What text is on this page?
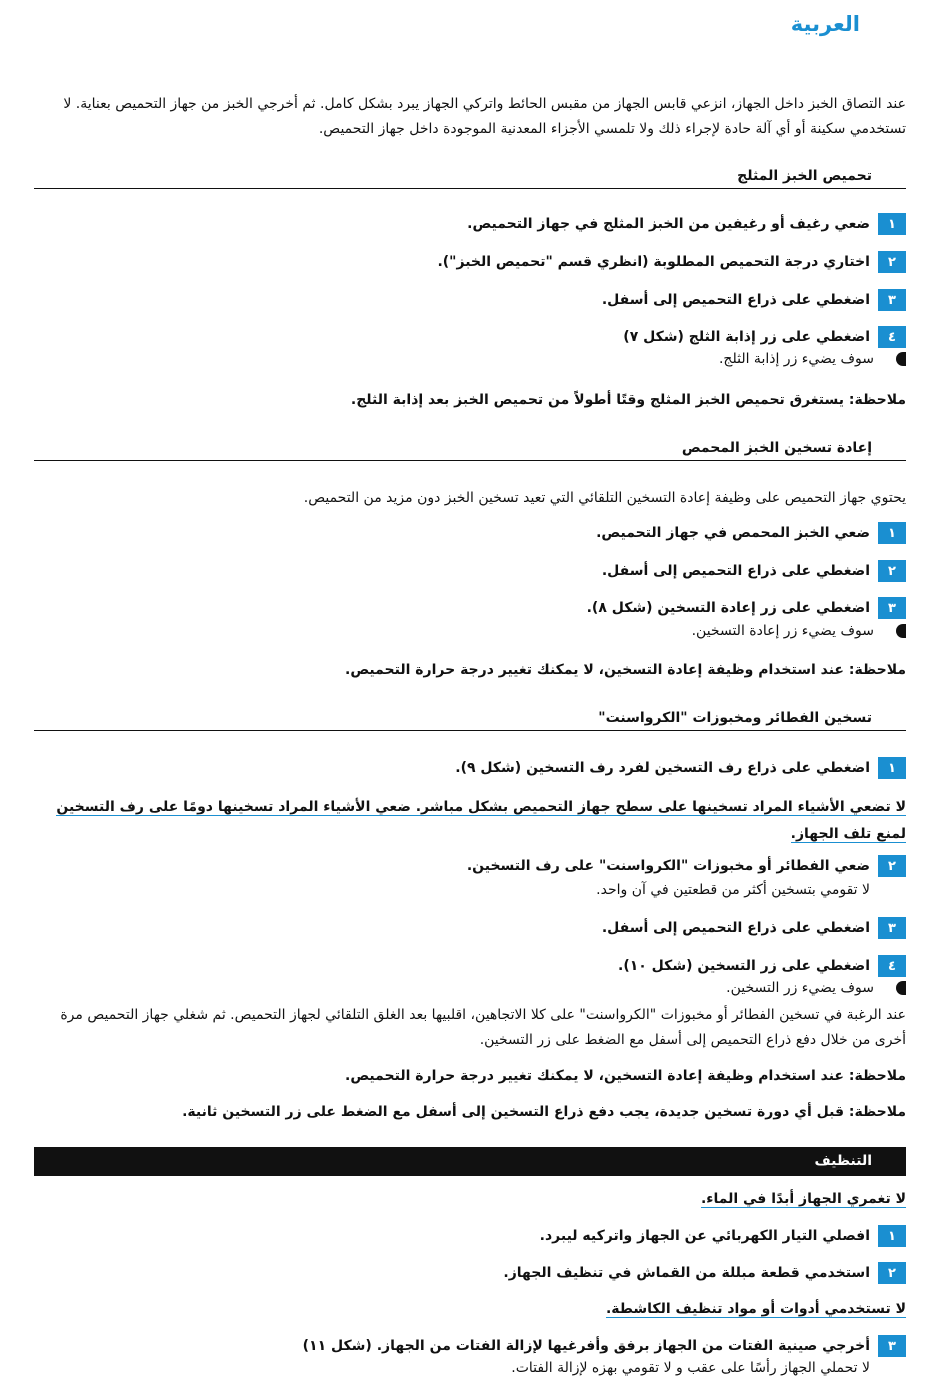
العربية
عند التصاق الخبز داخل الجهاز، انزعي قابس الجهاز من مقبس الحائط واتركي الجهاز يبرد بشكل كامل. ثم أخرجي الخبز من جهاز التحميص بعناية. لا تستخدمي سكينة أو أي آلة حادة لإجراء ذلك ولا تلمسي الأجزاء المعدنية الموجودة داخل جهاز التحميص.
تحميص الخبز المثلج
١
ضعي رغيف أو رغيفين من الخبز المثلج في جهاز التحميص.
٢
اختاري درجة التحميص المطلوبة (انظري قسم "تحميص الخبز").
٣
اضغطي على ذراع التحميص إلى أسفل.
٤
اضغطي على زر إذابة الثلج (شكل ٧)
سوف يضيء زر إذابة الثلج.
ملاحظة: يستغرق تحميص الخبز المثلج وقتًا أطولاً من تحميص الخبز بعد إذابة الثلج.
إعادة تسخين الخبز المحمص
يحتوي جهاز التحميص على وظيفة إعادة التسخين التلقائي التي تعيد تسخين الخبز دون مزيد من التحميص.
١
ضعي الخبز المحمص في جهاز التحميص.
٢
اضغطي على ذراع التحميص إلى أسفل.
٣
اضغطي على زر إعادة التسخين (شكل ٨).
سوف يضيء زر إعادة التسخين.
ملاحظة: عند استخدام وظيفة إعادة التسخين، لا يمكنك تغيير درجة حرارة التحميص.
تسخين الفطائر ومخبوزات "الكرواسنت"
١
اضغطي على ذراع رف التسخين لفرد رف التسخين (شكل ٩).
لا تضعي الأشياء المراد تسخينها على سطح جهاز التحميص بشكل مباشر. ضعي الأشياء المراد تسخينها دومًا على رف التسخين لمنع تلف الجهاز.
٢
ضعي الفطائر أو مخبوزات "الكرواسنت" على رف التسخين.
لا تقومي بتسخين أكثر من قطعتين في آن واحد.
٣
اضغطي على ذراع التحميص إلى أسفل.
٤
اضغطي على زر التسخين (شكل ١٠).
سوف يضيء زر التسخين.
عند الرغبة في تسخين الفطائر أو مخبوزات "الكرواسنت" على كلا الاتجاهين، اقلبيها بعد الغلق التلقائي لجهاز التحميص. ثم شغلي جهاز التحميص مرة أخرى من خلال دفع ذراع التحميص إلى أسفل مع الضغط على زر التسخين.
ملاحظة: عند استخدام وظيفة إعادة التسخين، لا يمكنك تغيير درجة حرارة التحميص.
ملاحظة: قبل أي دورة تسخين جديدة، يجب دفع ذراع التسخين إلى أسفل مع الضغط على زر التسخين ثانية.
التنظيف
لا تغمري الجهاز أبدًا في الماء.
١
افصلي التيار الكهربائي عن الجهاز واتركيه ليبرد.
٢
استخدمي قطعة مبللة من القماش في تنظيف الجهاز.
لا تستخدمي أدوات أو مواد تنظيف الكاشطة.
٣
أخرجي صينية الفتات من الجهاز برفق وأفرغيها لإزالة الفتات من الجهاز. (شكل ١١)
لا تحملي الجهاز رأسًا على عقب و لا تقومي بهزه لإزالة الفتات.
